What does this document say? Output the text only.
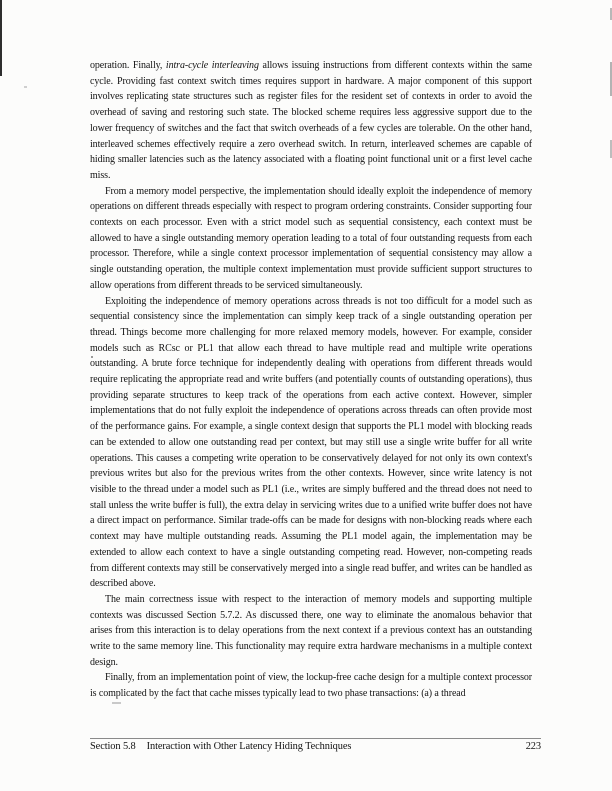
operation. Finally, intra-cycle interleaving allows issuing instructions from different contexts within the same cycle. Providing fast context switch times requires support in hardware. A major component of this support involves replicating state structures such as register files for the resident set of contexts in order to avoid the overhead of saving and restoring such state. The blocked scheme requires less aggressive support due to the lower frequency of switches and the fact that switch overheads of a few cycles are tolerable. On the other hand, interleaved schemes effectively require a zero overhead switch. In return, interleaved schemes are capable of hiding smaller latencies such as the latency associated with a floating point functional unit or a first level cache miss.

From a memory model perspective, the implementation should ideally exploit the independence of memory operations on different threads especially with respect to program ordering constraints. Consider supporting four contexts on each processor. Even with a strict model such as sequential consistency, each context must be allowed to have a single outstanding memory operation leading to a total of four outstanding requests from each processor. Therefore, while a single context processor implementation of sequential consistency may allow a single outstanding operation, the multiple context implementation must provide sufficient support structures to allow operations from different threads to be serviced simultaneously.

Exploiting the independence of memory operations across threads is not too difficult for a model such as sequential consistency since the implementation can simply keep track of a single outstanding operation per thread. Things become more challenging for more relaxed memory models, however. For example, consider models such as RCsc or PL1 that allow each thread to have multiple read and multiple write operations outstanding. A brute force technique for independently dealing with operations from different threads would require replicating the appropriate read and write buffers (and potentially counts of outstanding operations), thus providing separate structures to keep track of the operations from each active context. However, simpler implementations that do not fully exploit the independence of operations across threads can often provide most of the performance gains. For example, a single context design that supports the PL1 model with blocking reads can be extended to allow one outstanding read per context, but may still use a single write buffer for all write operations. This causes a competing write operation to be conservatively delayed for not only its own context's previous writes but also for the previous writes from the other contexts. However, since write latency is not visible to the thread under a model such as PL1 (i.e., writes are simply buffered and the thread does not need to stall unless the write buffer is full), the extra delay in servicing writes due to a unified write buffer does not have a direct impact on performance. Similar trade-offs can be made for designs with non-blocking reads where each context may have multiple outstanding reads. Assuming the PL1 model again, the implementation may be extended to allow each context to have a single outstanding competing read. However, non-competing reads from different contexts may still be conservatively merged into a single read buffer, and writes can be handled as described above.

The main correctness issue with respect to the interaction of memory models and supporting multiple contexts was discussed Section 5.7.2. As discussed there, one way to eliminate the anomalous behavior that arises from this interaction is to delay operations from the next context if a previous context has an outstanding write to the same memory line. This functionality may require extra hardware mechanisms in a multiple context design.

Finally, from an implementation point of view, the lockup-free cache design for a multiple context processor is complicated by the fact that cache misses typically lead to two phase transactions: (a) a thread

Section 5.8 Interaction with Other Latency Hiding Techniques	223
